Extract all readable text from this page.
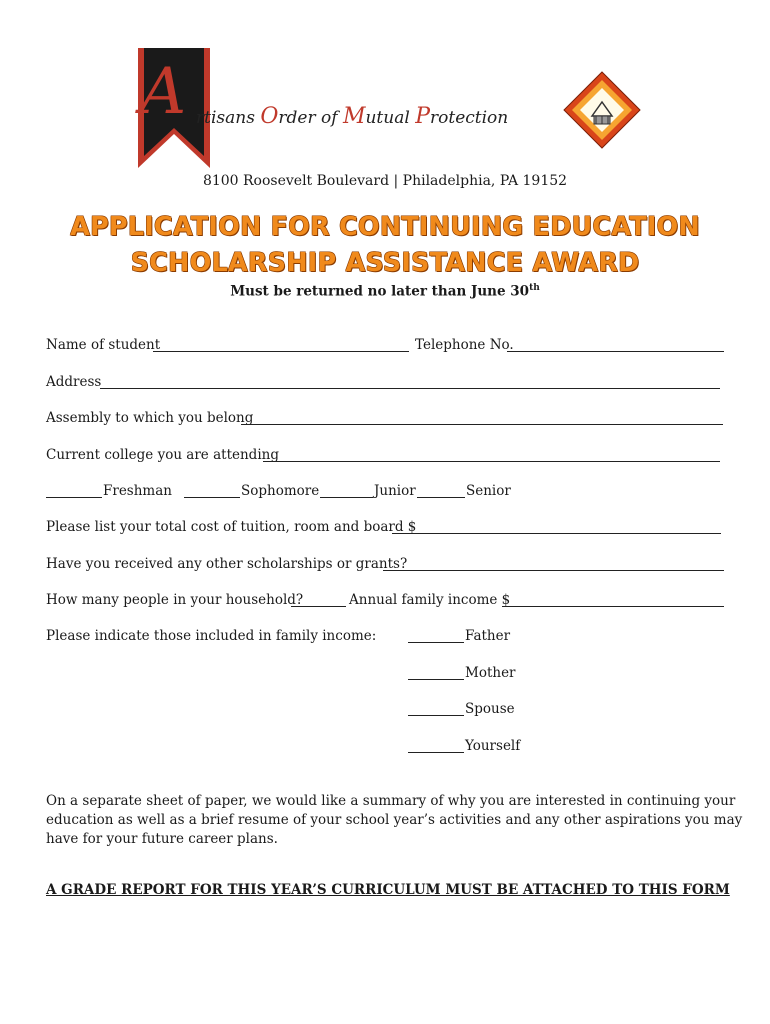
A rtisans Order of Mutual Protection
8100 Roosevelt Boulevard | Philadelphia, PA 19152
APPLICATION FOR CONTINUING EDUCATION
SCHOLARSHIP ASSISTANCE AWARD
Must be returned no later than June 30th
Name of student	Telephone No.
Address
Assembly to which you belong
Current college you are attending
Freshman	Sophomore	Junior	Senior
Please list your total cost of tuition, room and board $
Have you received any other scholarships or grants?
How many people in your household?	Annual family income $
Please indicate those included in family income:	Father
Mother
Spouse
Yourself
On a separate sheet of paper, we would like a summary of why you are interested in continuing your
education as well as a brief resume of your school year’s activities and any other aspirations you may
have for your future career plans.
A GRADE REPORT FOR THIS YEAR’S CURRICULUM MUST BE ATTACHED TO THIS FORM
